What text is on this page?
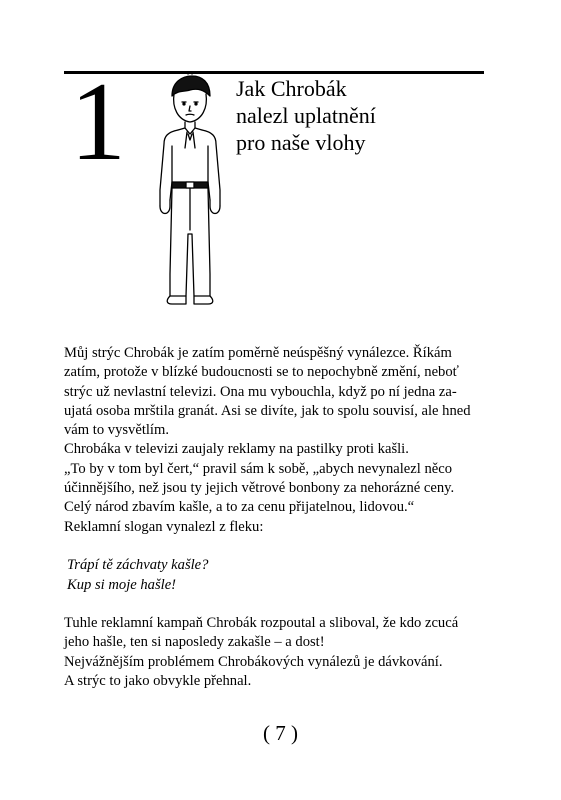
1	Jak Chrobák
nalezl uplatnění
pro naše vlohy

Můj strýc Chrobák je zatím poměrně neúspěšný vynálezce. Říkám

zatím, protože v blízké budoucnosti se to nepochybně změní, neboť

strýc už nevlastní televizi. Ona mu vybouchla, když po ní jedna za-

ujatá osoba mrštila granát. Asi se divíte, jak to spolu souvisí, ale hned

vám to vysvětlím.

Chrobáka v televizi zaujaly reklamy na pastilky proti kašli.

„To by v tom byl čert,“ pravil sám k sobě, „abych nevynalezl něco

účinnějšího, než jsou ty jejich větrové bonbony za nehorázné ceny.

Celý národ zbavím kašle, a to za cenu přijatelnou, lidovou.“

Reklamní slogan vynalezl z fleku:

Trápí tě záchvaty kašle?

Kup si moje hašle!

Tuhle reklamní kampaň Chrobák rozpoutal a sliboval, že kdo zcucá

jeho hašle, ten si naposledy zakašle – a dost!

Nejvážnějším problémem Chrobákových vynálezů je dávkování.

A strýc to jako obvykle přehnal.

( 7 )
